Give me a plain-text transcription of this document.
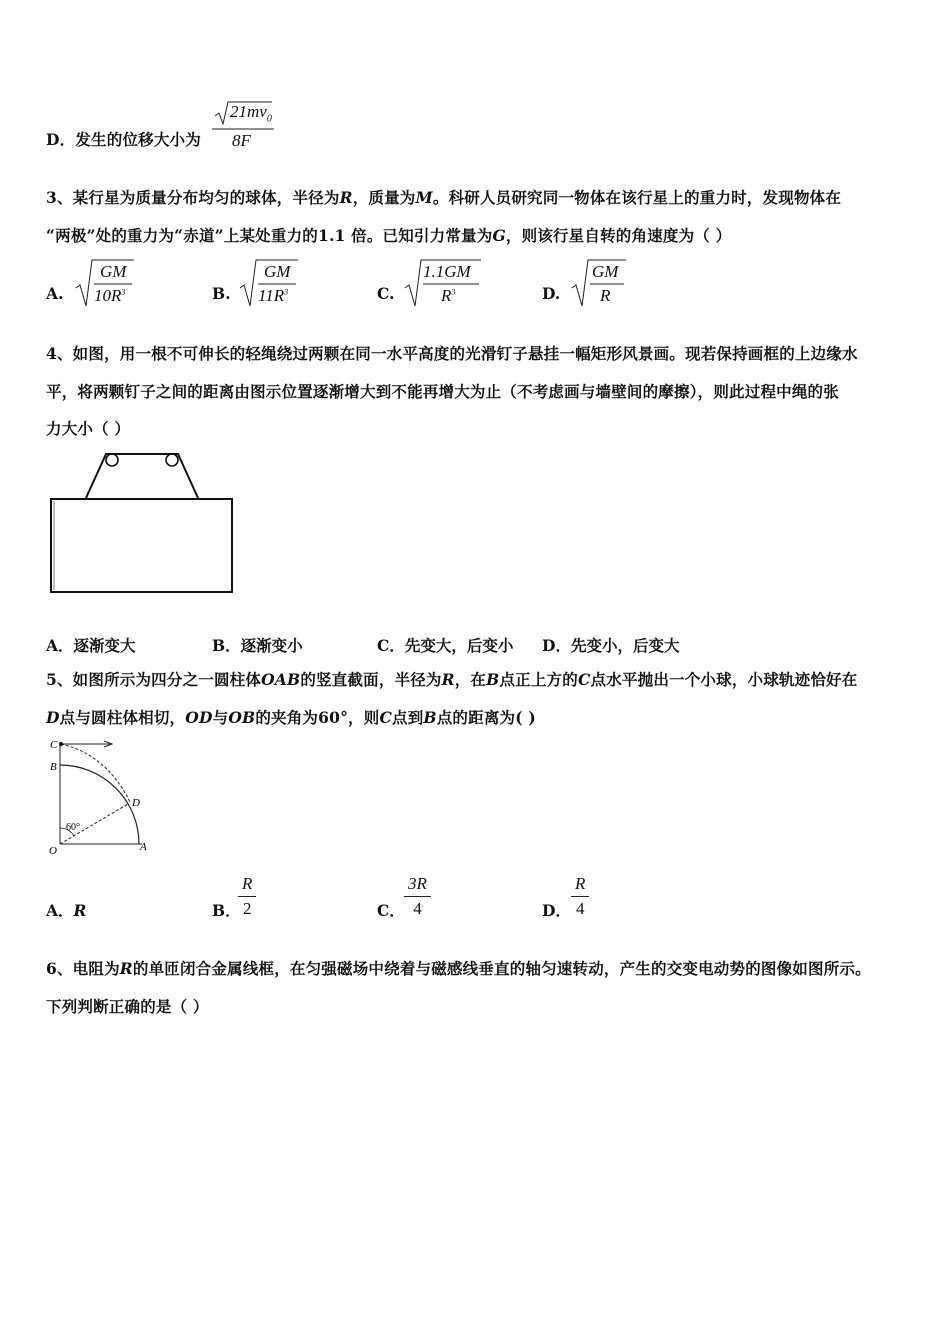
D．发生的位移大小为
$21mv_0$
8F
3、某行星为质量分布均匀的球体，半径为R，质量为M。科研人员研究同一物体在该行星上的重力时，发现物体在
“两极”处的重力为“赤道”上某处重力的1.1 倍。已知引力常量为G，则该行星自转的角速度为（ ）
A.
GM
$10R^3$	B.
GM
$11R^3$	C.
1.1GM
$R^3$	D.
GM
R
4、如图，用一根不可伸长的轻绳绕过两颗在同一水平高度的光滑钉子悬挂一幅矩形风景画。现若保持画框的上边缘水
平，将两颗钉子之间的距离由图示位置逐渐增大到不能再增大为止（不考虑画与墙壁间的摩擦），则此过程中绳的张
力大小（ ）
A．逐渐变大	B．逐渐变小	C．先变大，后变小 D．先变小，后变大
5、如图所示为四分之一圆柱体OAB的竖直截面，半径为R，在B点正上方的C点水平抛出一个小球，小球轨迹恰好在
D点与圆柱体相切，OD与OB的夹角为60°，则C点到B点的距离为( )
C
B
D
O	A
60°
A．R	B．
$\frac{R}{2}$	C． $\frac{3R}{4}$	D． $\frac{R}{4}$
6、电阻为R的单匝闭合金属线框，在匀强磁场中绕着与磁感线垂直的轴匀速转动，产生的交变电动势的图像如图所示。
下列判断正确的是（ ）
